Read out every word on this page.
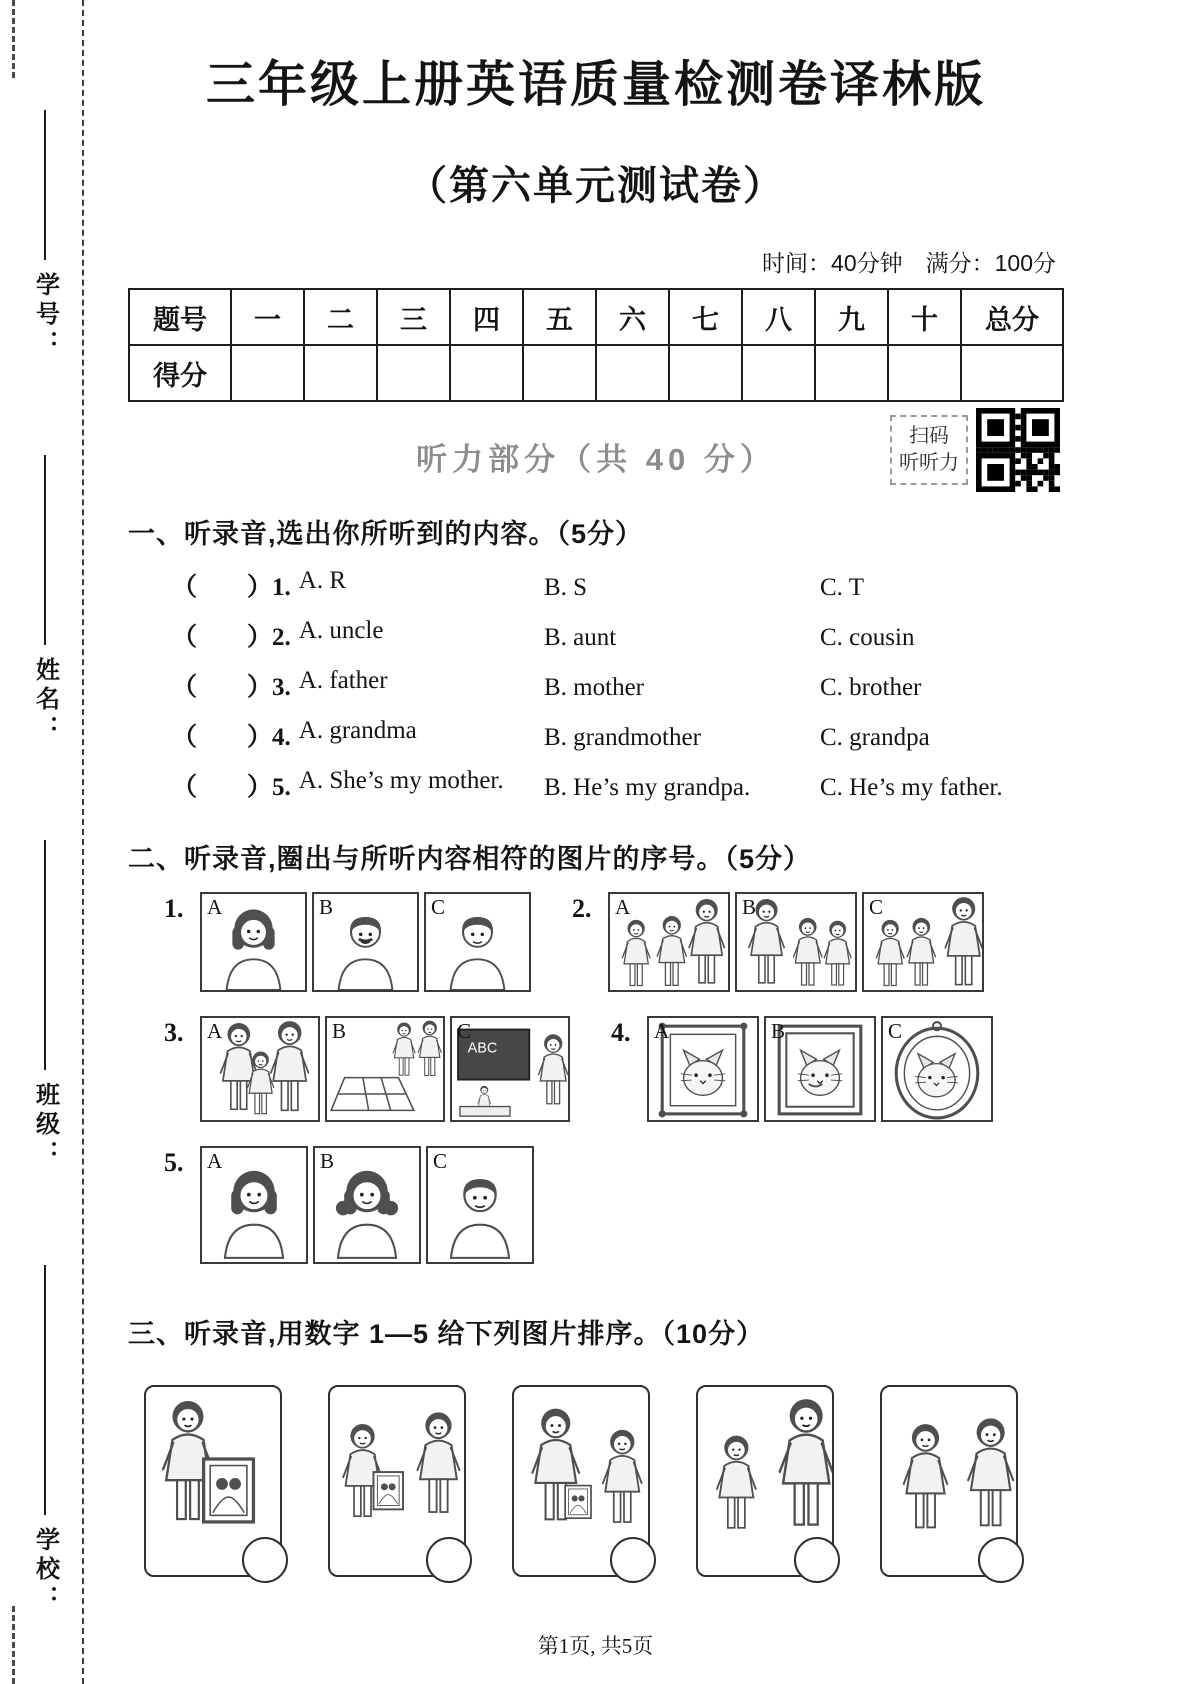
学号：
姓名：
班级：
学校：
三年级上册英语质量检测卷译林版
（第六单元测试卷）
时间：40分钟　满分：100分
题号	一	二	三	四	五	六	七	八	九	十	总分
得分											
听力部分（共 40 分）
扫码
听听力
一、听录音,选出你所听到的内容。（5分）
（　　）1. A. R	B. S	C. T
（　　）2. A. uncle	B. aunt	C. cousin
（　　）3. A. father	B. mother	C. brother
（　　）4. A. grandma	B. grandmother	C. grandpa
（　　）5. A. She’s my mother. B. He’s my grandpa.	C. He’s my father.
二、听录音,圈出与所听内容相符的图片的序号。（5分）
1.	A	B	C	2.	A	B	C
3.	A	B	C
ABC
4.	A	B	C
5.	A	B	C
三、听录音,用数字 1—5 给下列图片排序。（10分）
第1页, 共5页
